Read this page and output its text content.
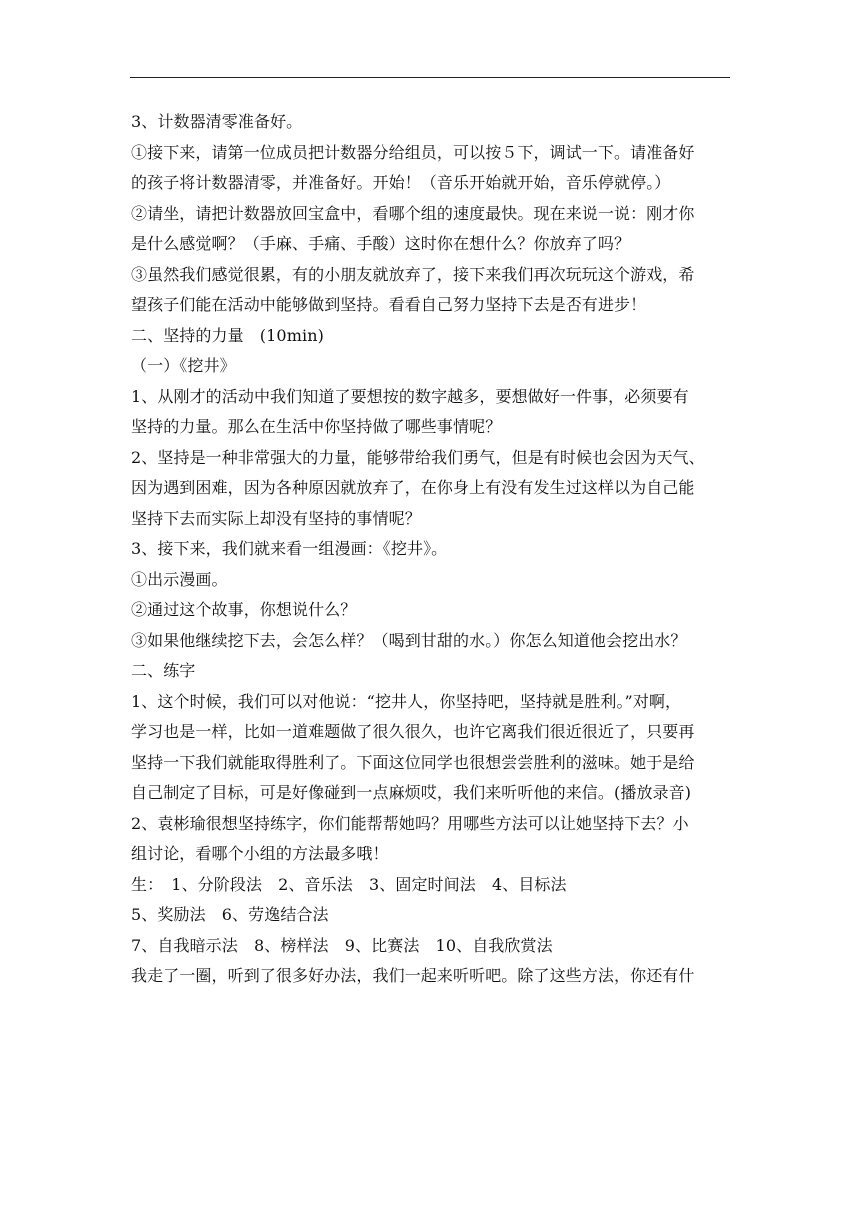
3、计数器清零准备好。
①接下来，请第一位成员把计数器分给组员，可以按５下，调试一下。请准备好
的孩子将计数器清零，并准备好。开始！（音乐开始就开始，音乐停就停。）
②请坐，请把计数器放回宝盒中，看哪个组的速度最快。现在来说一说：刚才你
是什么感觉啊？（手麻、手痛、手酸）这时你在想什么？你放弃了吗？
③虽然我们感觉很累，有的小朋友就放弃了，接下来我们再次玩玩这个游戏，希
望孩子们能在活动中能够做到坚持。看看自己努力坚持下去是否有进步！
二、坚持的力量　(10min)
（一）《挖井》
1、从刚才的活动中我们知道了要想按的数字越多，要想做好一件事，必须要有
坚持的力量。那么在生活中你坚持做了哪些事情呢？
2、坚持是一种非常强大的力量，能够带给我们勇气，但是有时候也会因为天气、
因为遇到困难，因为各种原因就放弃了，在你身上有没有发生过这样以为自己能
坚持下去而实际上却没有坚持的事情呢？
3、接下来，我们就来看一组漫画：《挖井》。
①出示漫画。
②通过这个故事，你想说什么？
③如果他继续挖下去，会怎么样？（喝到甘甜的水。）你怎么知道他会挖出水？
二、练字
1、这个时候，我们可以对他说：“挖井人，你坚持吧，坚持就是胜利。”对啊，
学习也是一样，比如一道难题做了很久很久，也许它离我们很近很近了，只要再
坚持一下我们就能取得胜利了。下面这位同学也很想尝尝胜利的滋味。她于是给
自己制定了目标，可是好像碰到一点麻烦哎，我们来听听他的来信。(播放录音)
2、袁彬瑜很想坚持练字，你们能帮帮她吗？用哪些方法可以让她坚持下去？小
组讨论，看哪个小组的方法最多哦！
生：　1、分阶段法　2、音乐法　3、固定时间法　4、目标法
5、奖励法　6、劳逸结合法
7、自我暗示法　8、榜样法　9、比赛法　10、自我欣赏法
我走了一圈，听到了很多好办法，我们一起来听听吧。除了这些方法，你还有什
